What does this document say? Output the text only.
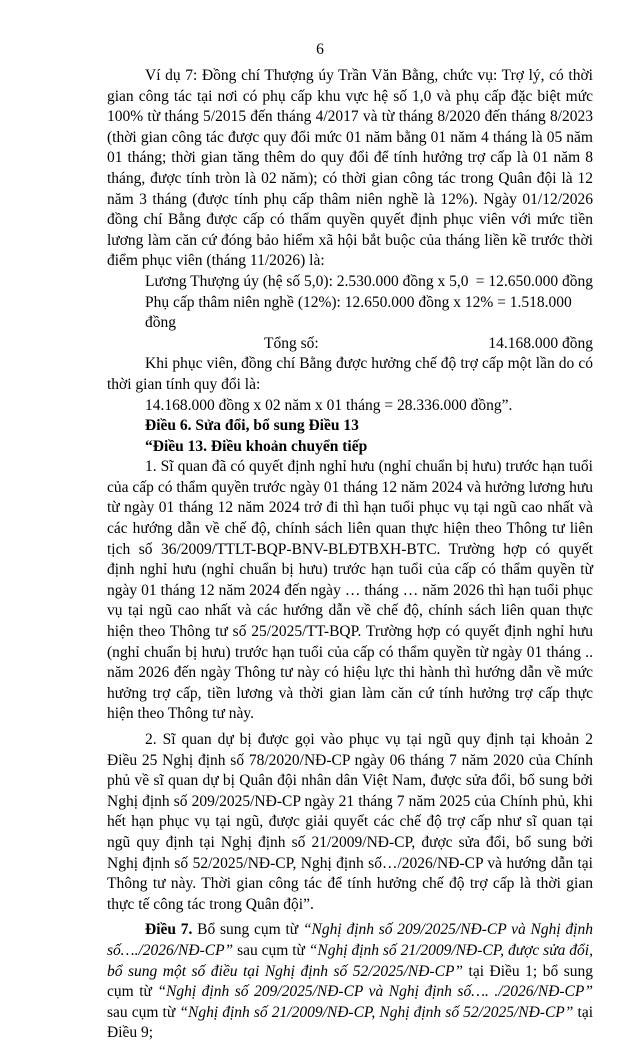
6

Ví dụ 7: Đồng chí Thượng úy Trần Văn Bằng, chức vụ: Trợ lý, có thời gian công tác tại nơi có phụ cấp khu vực hệ số 1,0 và phụ cấp đặc biệt mức 100% từ tháng 5/2015 đến tháng 4/2017 và từ tháng 8/2020 đến tháng 8/2023 (thời gian công tác được quy đổi mức 01 năm bằng 01 năm 4 tháng là 05 năm 01 tháng; thời gian tăng thêm do quy đổi để tính hưởng trợ cấp là 01 năm 8 tháng, được tính tròn là 02 năm); có thời gian công tác trong Quân đội là 12 năm 3 tháng (được tính phụ cấp thâm niên nghề là 12%). Ngày 01/12/2026 đồng chí Bằng được cấp có thẩm quyền quyết định phục viên với mức tiền lương làm căn cứ đóng bảo hiểm xã hội bắt buộc của tháng liền kề trước thời điểm phục viên (tháng 11/2026) là:

Lương Thượng úy (hệ số 5,0): 2.530.000 đồng x 5,0 = 12.650.000 đồng
Phụ cấp thâm niên nghề (12%): 12.650.000 đồng x 12% = 1.518.000 đồng
Tổng số:	14.168.000 đồng

Khi phục viên, đồng chí Bằng được hưởng chế độ trợ cấp một lần do có thời gian tính quy đổi là:

14.168.000 đồng x 02 năm x 01 tháng = 28.336.000 đồng”.

Điều 6. Sửa đổi, bổ sung Điều 13

“Điều 13. Điều khoản chuyển tiếp

1. Sĩ quan đã có quyết định nghỉ hưu (nghỉ chuẩn bị hưu) trước hạn tuổi của cấp có thẩm quyền trước ngày 01 tháng 12 năm 2024 và hưởng lương hưu từ ngày 01 tháng 12 năm 2024 trở đi thì hạn tuổi phục vụ tại ngũ cao nhất và các hướng dẫn về chế độ, chính sách liên quan thực hiện theo Thông tư liên tịch số 36/2009/TTLT-BQP-BNV-BLĐTBXH-BTC. Trường hợp có quyết định nghỉ hưu (nghỉ chuẩn bị hưu) trước hạn tuổi của cấp có thẩm quyền từ ngày 01 tháng 12 năm 2024 đến ngày … tháng … năm 2026 thì hạn tuổi phục vụ tại ngũ cao nhất và các hướng dẫn về chế độ, chính sách liên quan thực hiện theo Thông tư số 25/2025/TT-BQP. Trường hợp có quyết định nghỉ hưu (nghỉ chuẩn bị hưu) trước hạn tuổi của cấp có thẩm quyền từ ngày 01 tháng .. năm 2026 đến ngày Thông tư này có hiệu lực thi hành thì hướng dẫn về mức hưởng trợ cấp, tiền lương và thời gian làm căn cứ tính hưởng trợ cấp thực hiện theo Thông tư này.

2. Sĩ quan dự bị được gọi vào phục vụ tại ngũ quy định tại khoản 2 Điều 25 Nghị định số 78/2020/NĐ-CP ngày 06 tháng 7 năm 2020 của Chính phủ về sĩ quan dự bị Quân đội nhân dân Việt Nam, được sửa đổi, bổ sung bởi Nghị định số 209/2025/NĐ-CP ngày 21 tháng 7 năm 2025 của Chính phủ, khi hết hạn phục vụ tại ngũ, được giải quyết các chế độ trợ cấp như sĩ quan tại ngũ quy định tại Nghị định số 21/2009/NĐ-CP, được sửa đổi, bổ sung bởi Nghị định số 52/2025/NĐ-CP, Nghị định số…/2026/NĐ-CP và hướng dẫn tại Thông tư này. Thời gian công tác để tính hưởng chế độ trợ cấp là thời gian thực tế công tác trong Quân đội”.

Điều 7. Bổ sung cụm từ “Nghị định số 209/2025/NĐ-CP và Nghị định số…./2026/NĐ-CP” sau cụm từ “Nghị định số 21/2009/NĐ-CP, được sửa đổi, bổ sung một số điều tại Nghị định số 52/2025/NĐ-CP” tại Điều 1; bổ sung cụm từ “Nghị định số 209/2025/NĐ-CP và Nghị định số…. ./2026/NĐ-CP” sau cụm từ “Nghị định số 21/2009/NĐ-CP, Nghị định số 52/2025/NĐ-CP” tại Điều 9;
